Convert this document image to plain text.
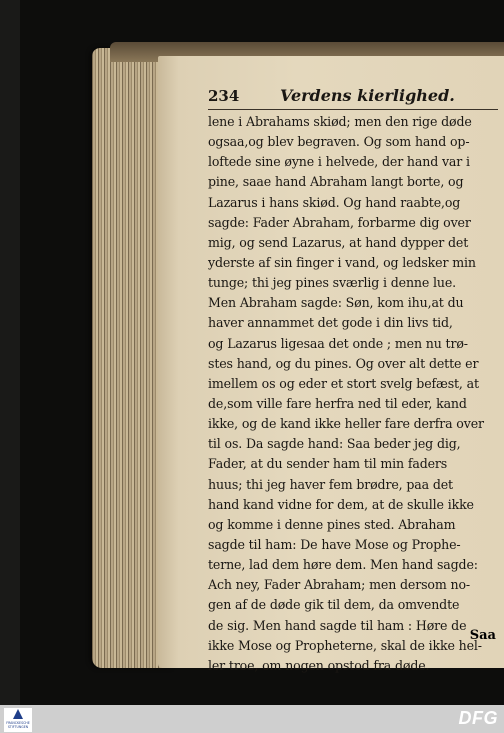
234	Verdens kierlighed.
lene i Abrahams skiød; men den rige døde
ogsaa,og blev begraven. Og som hand op-
loftede sine øyne i helvede, der hand var i
pine, saae hand Abraham langt borte, og
Lazarus i hans skiød. Og hand raabte,og
sagde: Fader Abraham, forbarme dig over
mig, og send Lazarus, at hand dypper det
yderste af sin finger i vand, og ledsker min
tunge; thi jeg pines sværlig i denne lue.
Men Abraham sagde: Søn, kom ihu,at du
haver annammet det gode i din livs tid,
og Lazarus ligesaa det onde ; men nu trø-
stes hand, og du pines. Og over alt dette er
imellem os og eder et stort svelg befæst, at
de,som ville fare herfra ned til eder, kand
ikke, og de kand ikke heller fare derfra over
til os. Da sagde hand: Saa beder jeg dig,
Fader, at du sender ham til min faders
huus; thi jeg haver fem brødre, paa det
hand kand vidne for dem, at de skulle ikke
og komme i denne pines sted. Abraham
sagde til ham: De have Mose og Prophe-
terne, lad dem høre dem. Men hand sagde:
Ach ney, Fader Abraham; men dersom no-
gen af de døde gik til dem, da omvendte
de sig. Men hand sagde til ham : Høre de
ikke Mose og Propheterne, skal de ikke hel-
ler troe, om nogen opstod fra døde.
Saa
FRANCKESCHE STIFTUNGEN	DFG
